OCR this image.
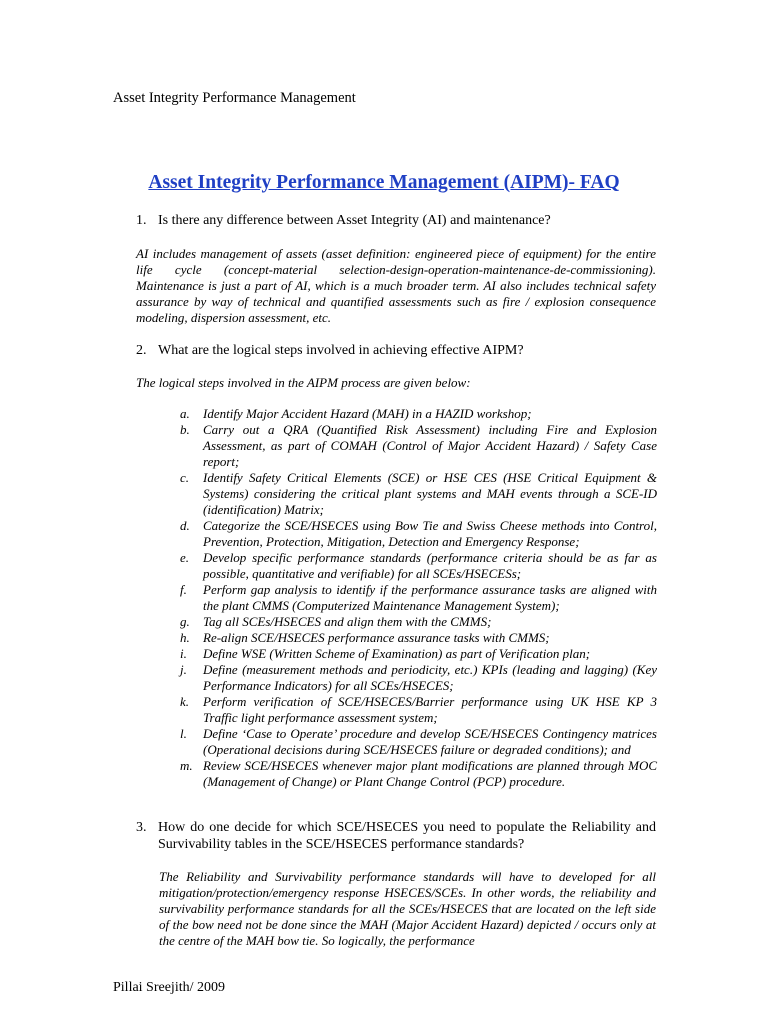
Asset Integrity Performance Management
Asset Integrity Performance Management (AIPM)- FAQ
1. Is there any difference between Asset Integrity (AI) and maintenance?
AI includes management of assets (asset definition: engineered piece of equipment) for the entire life cycle (concept-material selection-design-operation-maintenance-de-commissioning). Maintenance is just a part of AI, which is a much broader term. AI also includes technical safety assurance by way of technical and quantified assessments such as fire / explosion consequence modeling, dispersion assessment, etc.
2. What are the logical steps involved in achieving effective AIPM?
The logical steps involved in the AIPM process are given below:
a. Identify Major Accident Hazard (MAH) in a HAZID workshop;
b. Carry out a QRA (Quantified Risk Assessment) including Fire and Explosion Assessment, as part of COMAH (Control of Major Accident Hazard) / Safety Case report;
c. Identify Safety Critical Elements (SCE) or HSE CES (HSE Critical Equipment & Systems) considering the critical plant systems and MAH events through a SCE-ID (identification) Matrix;
d. Categorize the SCE/HSECES using Bow Tie and Swiss Cheese methods into Control, Prevention, Protection, Mitigation, Detection and Emergency Response;
e. Develop specific performance standards (performance criteria should be as far as possible, quantitative and verifiable) for all SCEs/HSECESs;
f. Perform gap analysis to identify if the performance assurance tasks are aligned with the plant CMMS (Computerized Maintenance Management System);
g. Tag all SCEs/HSECES and align them with the CMMS;
h. Re-align SCE/HSECES performance assurance tasks with CMMS;
i. Define WSE (Written Scheme of Examination) as part of Verification plan;
j. Define (measurement methods and periodicity, etc.) KPIs (leading and lagging) (Key Performance Indicators) for all SCEs/HSECES;
k. Perform verification of SCE/HSECES/Barrier performance using UK HSE KP 3 Traffic light performance assessment system;
l. Define ‘Case to Operate’ procedure and develop SCE/HSECES Contingency matrices (Operational decisions during SCE/HSECES failure or degraded conditions); and
m. Review SCE/HSECES whenever major plant modifications are planned through MOC (Management of Change) or Plant Change Control (PCP) procedure.
3. How do one decide for which SCE/HSECES you need to populate the Reliability and Survivability tables in the SCE/HSECES performance standards?
The Reliability and Survivability performance standards will have to developed for all mitigation/protection/emergency response HSECES/SCEs. In other words, the reliability and survivability performance standards for all the SCEs/HSECES that are located on the left side of the bow need not be done since the MAH (Major Accident Hazard) depicted / occurs only at the centre of the MAH bow tie. So logically, the performance
Pillai Sreejith/ 2009
